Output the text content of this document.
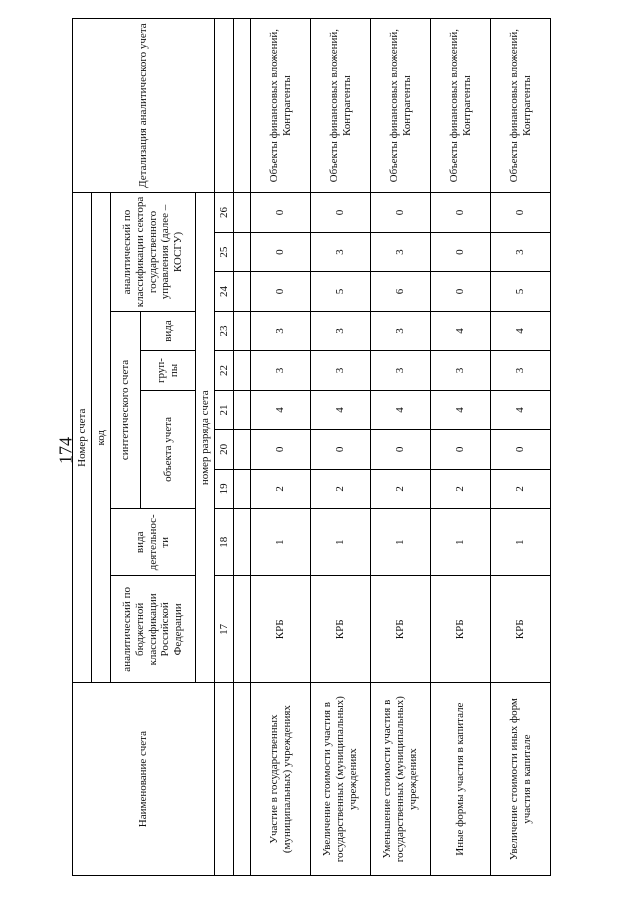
174
Наименование счета	Номер счета										Детализация аналитического учета
	код										
	аналитический по бюджетной классификации Российской Федерации	вида деятельнос-ти	синтетического счета					аналитический по классификации сектора государственного управления (далее – КОСГУ)			
			объекта учета			груп-пы	вида				
	номер разряда счета										
	17	18	19	20	21	22	23	24	25	26	

Участие в государственных (муниципальных) учреждениях	КРБ	1	2	0	4	3	3	0	0	0	Объекты финансовых вложений, Контрагенты
Увеличение стоимости участия в государственных (муниципальных) учреждениях	КРБ	1	2	0	4	3	3	5	3	0	Объекты финансовых вложений, Контрагенты
Уменьшение стоимости участия в государственных (муниципальных) учреждениях	КРБ	1	2	0	4	3	3	6	3	0	Объекты финансовых вложений, Контрагенты
Иные формы участия в капитале	КРБ	1	2	0	4	3	4	0	0	0	Объекты финансовых вложений, Контрагенты
Увеличение стоимости иных форм участия в капитале	КРБ	1	2	0	4	3	4	5	3	0	Объекты финансовых вложений, Контрагенты
